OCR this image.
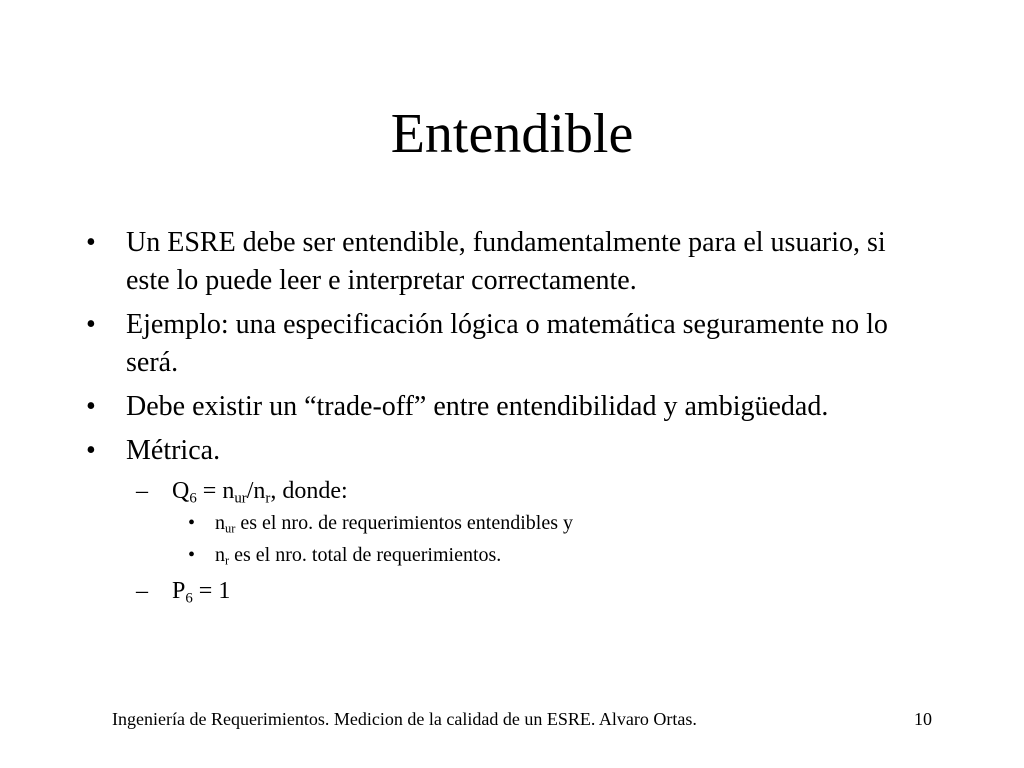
Entendible
• Un ESRE debe ser entendible, fundamentalmente para el usuario, si este lo puede leer e interpretar correctamente.
• Ejemplo: una especificación lógica o matemática seguramente no lo será.
• Debe existir un “trade-off” entre entendibilidad y ambigüedad.
• Métrica.
– $Q_6 = n_{ur}/n_r$, donde:
• $n_{ur}$ es el nro. de requerimientos entendibles y
• $n_r$ es el nro. total de requerimientos.
– $P_6 = 1$
Ingeniería de Requerimientos. Medicion de la calidad de un ESRE. Alvaro Ortas.	10
